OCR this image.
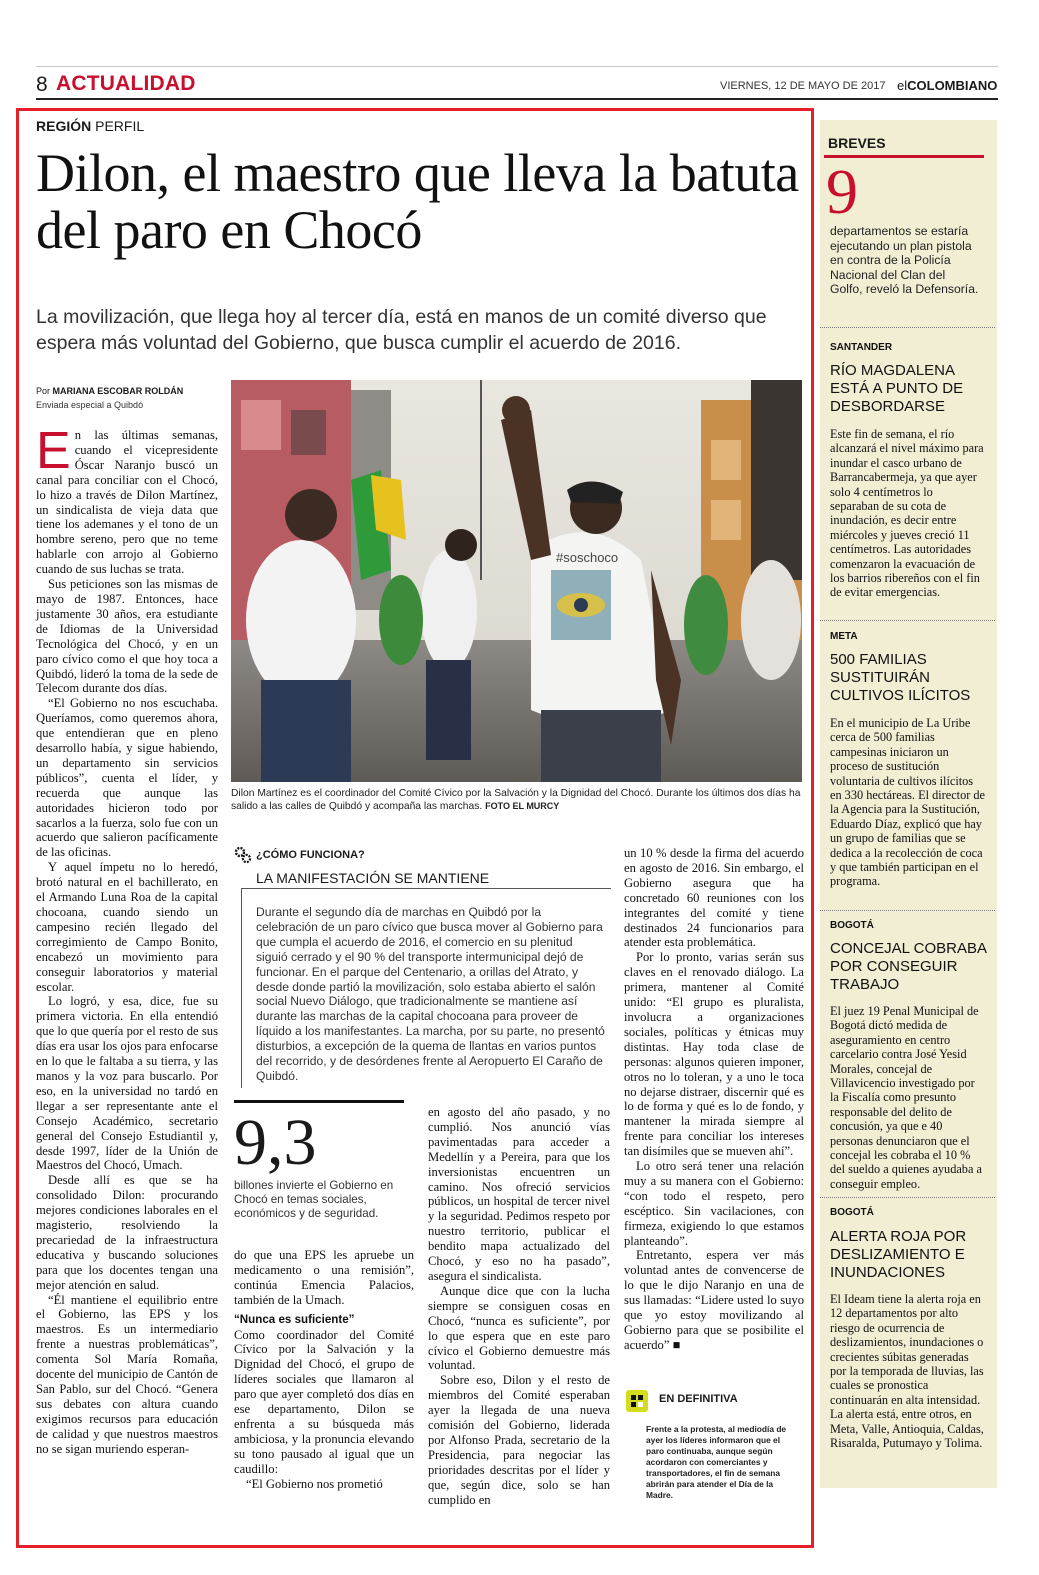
8 ACTUALIDAD	VIERNES, 12 DE MAYO DE 2017 elCOLOMBIANO
REGIÓN PERFIL
Dilon, el maestro que lleva la batuta del paro en Chocó
La movilización, que llega hoy al tercer día, está en manos de un comité diverso que espera más voluntad del Gobierno, que busca cumplir el acuerdo de 2016.
Por MARIANA ESCOBAR ROLDÁN
Enviada especial a Quibdó

En las últimas semanas, cuando el vicepresidente Óscar Naranjo buscó un canal para conciliar con el Chocó, lo hizo a través de Dilon Martínez, un sindicalista de vieja data que tiene los ademanes y el tono de un hombre sereno, pero que no teme hablarle con arrojo al Gobierno cuando de sus luchas se trata.

Sus peticiones son las mismas de mayo de 1987. Entonces, hace justamente 30 años, era estudiante de Idiomas de la Universidad Tecnológica del Chocó, y en un paro cívico como el que hoy toca a Quibdó, lideró la toma de la sede de Telecom durante dos días.

“El Gobierno no nos escuchaba. Queríamos, como queremos ahora, que entendieran que en pleno desarrollo había, y sigue habiendo, un departamento sin servicios públicos”, cuenta el líder, y recuerda que aunque las autoridades hicieron todo por sacarlos a la fuerza, solo fue con un acuerdo que salieron pacíficamente de las oficinas.

Y aquel ímpetu no lo heredó, brotó natural en el bachillerato, en el Armando Luna Roa de la capital chocoana, cuando siendo un campesino recién llegado del corregimiento de Campo Bonito, encabezó un movimiento para conseguir laboratorios y material escolar.

Lo logró, y esa, dice, fue su primera victoria. En ella entendió que lo que quería por el resto de sus días era usar los ojos para enfocarse en lo que le faltaba a su tierra, y las manos y la voz para buscarlo. Por eso, en la universidad no tardó en llegar a ser representante ante el Consejo Académico, secretario general del Consejo Estudiantil y, desde 1997, líder de la Unión de Maestros del Chocó, Umach.

Desde allí es que se ha consolidado Dilon: procurando mejores condiciones laborales en el magisterio, resolviendo la precariedad de la infraestructura educativa y buscando soluciones para que los docentes tengan una mejor atención en salud.

“Él mantiene el equilibrio entre el Gobierno, las EPS y los maestros. Es un intermediario frente a nuestras problemáticas”, comenta Sol María Romaña, docente del municipio de Cantón de San Pablo, sur del Chocó. “Genera sus debates con altura cuando exigimos recursos para educación de calidad y que nuestros maestros no se sigan muriendo esperan-

#soschoco
Dilon Martínez es el coordinador del Comité Cívico por la Salvación y la Dignidad del Chocó. Durante los últimos dos días ha salido a las calles de Quibdó y acompaña las marchas. FOTO EL MURCY
¿CÓMO FUNCIONA?
LA MANIFESTACIÓN SE MANTIENE
Durante el segundo día de marchas en Quibdó por la celebración de un paro cívico que busca mover al Gobierno para que cumpla el acuerdo de 2016, el comercio en su plenitud siguió cerrado y el 90 % del transporte intermunicipal dejó de funcionar. En el parque del Centenario, a orillas del Atrato, y desde donde partió la movilización, solo estaba abierto el salón social Nuevo Diálogo, que tradicionalmente se mantiene así durante las marchas de la capital chocoana para proveer de líquido a los manifestantes. La marcha, por su parte, no presentó disturbios, a excepción de la quema de llantas en varios puntos del recorrido, y de desórdenes frente al Aeropuerto El Caraño de Quibdó.
9,3
billones invierte el Gobierno en Chocó en temas sociales, económicos y de seguridad.

do que una EPS les apruebe un medicamento o una remisión”, continúa Emencia Palacios, también de la Umach.

“Nunca es suficiente”

Como coordinador del Comité Cívico por la Salvación y la Dignidad del Chocó, el grupo de líderes sociales que llamaron al paro que ayer completó dos días en ese departamento, Dilon se enfrenta a su búsqueda más ambiciosa, y la pronuncia elevando su tono pausado al igual que un caudillo:

“El Gobierno nos prometió

en agosto del año pasado, y no cumplió. Nos anunció vías pavimentadas para acceder a Medellín y a Pereira, para que los inversionistas encuentren un camino. Nos ofreció servicios públicos, un hospital de tercer nivel y la seguridad. Pedimos respeto por nuestro territorio, publicar el bendito mapa actualizado del Chocó, y eso no ha pasado”, asegura el sindicalista.

Aunque dice que con la lucha siempre se consiguen cosas en Chocó, “nunca es suficiente”, por lo que espera que en este paro cívico el Gobierno demuestre más voluntad.

Sobre eso, Dilon y el resto de miembros del Comité esperaban ayer la llegada de una nueva comisión del Gobierno, liderada por Alfonso Prada, secretario de la Presidencia, para negociar las prioridades descritas por el líder y que, según dice, solo se han cumplido en

un 10 % desde la firma del acuerdo en agosto de 2016. Sin embargo, el Gobierno asegura que ha concretado 60 reuniones con los integrantes del comité y tiene destinados 24 funcionarios para atender esta problemática.

Por lo pronto, varias serán sus claves en el renovado diálogo. La primera, mantener al Comité unido: “El grupo es pluralista, involucra a organizaciones sociales, políticas y étnicas muy distintas. Hay toda clase de personas: algunos quieren imponer, otros no lo toleran, y a uno le toca no dejarse distraer, discernir qué es lo de forma y qué es lo de fondo, y mantener la mirada siempre al frente para conciliar los intereses tan disímiles que se mueven ahí”.

Lo otro será tener una relación muy a su manera con el Gobierno: “con todo el respeto, pero escéptico. Sin vacilaciones, con firmeza, exigiendo lo que estamos planteando”.

Entretanto, espera ver más voluntad antes de convencerse de lo que le dijo Naranjo en una de sus llamadas: “Lidere usted lo suyo que yo estoy movilizando al Gobierno para que se posibilite el acuerdo” ■

EN DEFINITIVA
Frente a la protesta, al mediodía de ayer los líderes informaron que el paro continuaba, aunque según acordaron con comerciantes y transportadores, el fin de semana abrirán para atender el Día de la Madre.
BREVES
9
departamentos se estaría ejecutando un plan pistola en contra de la Policía Nacional del Clan del Golfo, reveló la Defensoría.
SANTANDER
RÍO MAGDALENA ESTÁ A PUNTO DE DESBORDARSE
Este fin de semana, el río alcanzará el nivel máximo para inundar el casco urbano de Barrancabermeja, ya que ayer solo 4 centímetros lo separaban de su cota de inundación, es decir entre miércoles y jueves creció 11 centímetros. Las autoridades comenzaron la evacuación de los barrios ribereños con el fin de evitar emergencias.
META
500 FAMILIAS SUSTITUIRÁN CULTIVOS ILÍCITOS
En el municipio de La Uribe cerca de 500 familias campesinas iniciaron un proceso de sustitución voluntaria de cultivos ilícitos en 330 hectáreas. El director de la Agencia para la Sustitución, Eduardo Díaz, explicó que hay un grupo de familias que se dedica a la recolección de coca y que también participan en el programa.
BOGOTÁ
CONCEJAL COBRABA POR CONSEGUIR TRABAJO
El juez 19 Penal Municipal de Bogotá dictó medida de aseguramiento en centro carcelario contra José Yesid Morales, concejal de Villavicencio investigado por la Fiscalía como presunto responsable del delito de concusión, ya que e 40 personas denunciaron que el concejal les cobraba el 10 % del sueldo a quienes ayudaba a conseguir empleo.
BOGOTÁ
ALERTA ROJA POR DESLIZAMIENTO E INUNDACIONES
El Ideam tiene la alerta roja en 12 departamentos por alto riesgo de ocurrencia de deslizamientos, inundaciones o crecientes súbitas generadas por la temporada de lluvias, las cuales se pronostica continuarán en alta intensidad. La alerta está, entre otros, en Meta, Valle, Antioquia, Caldas, Risaralda, Putumayo y Tolima.
